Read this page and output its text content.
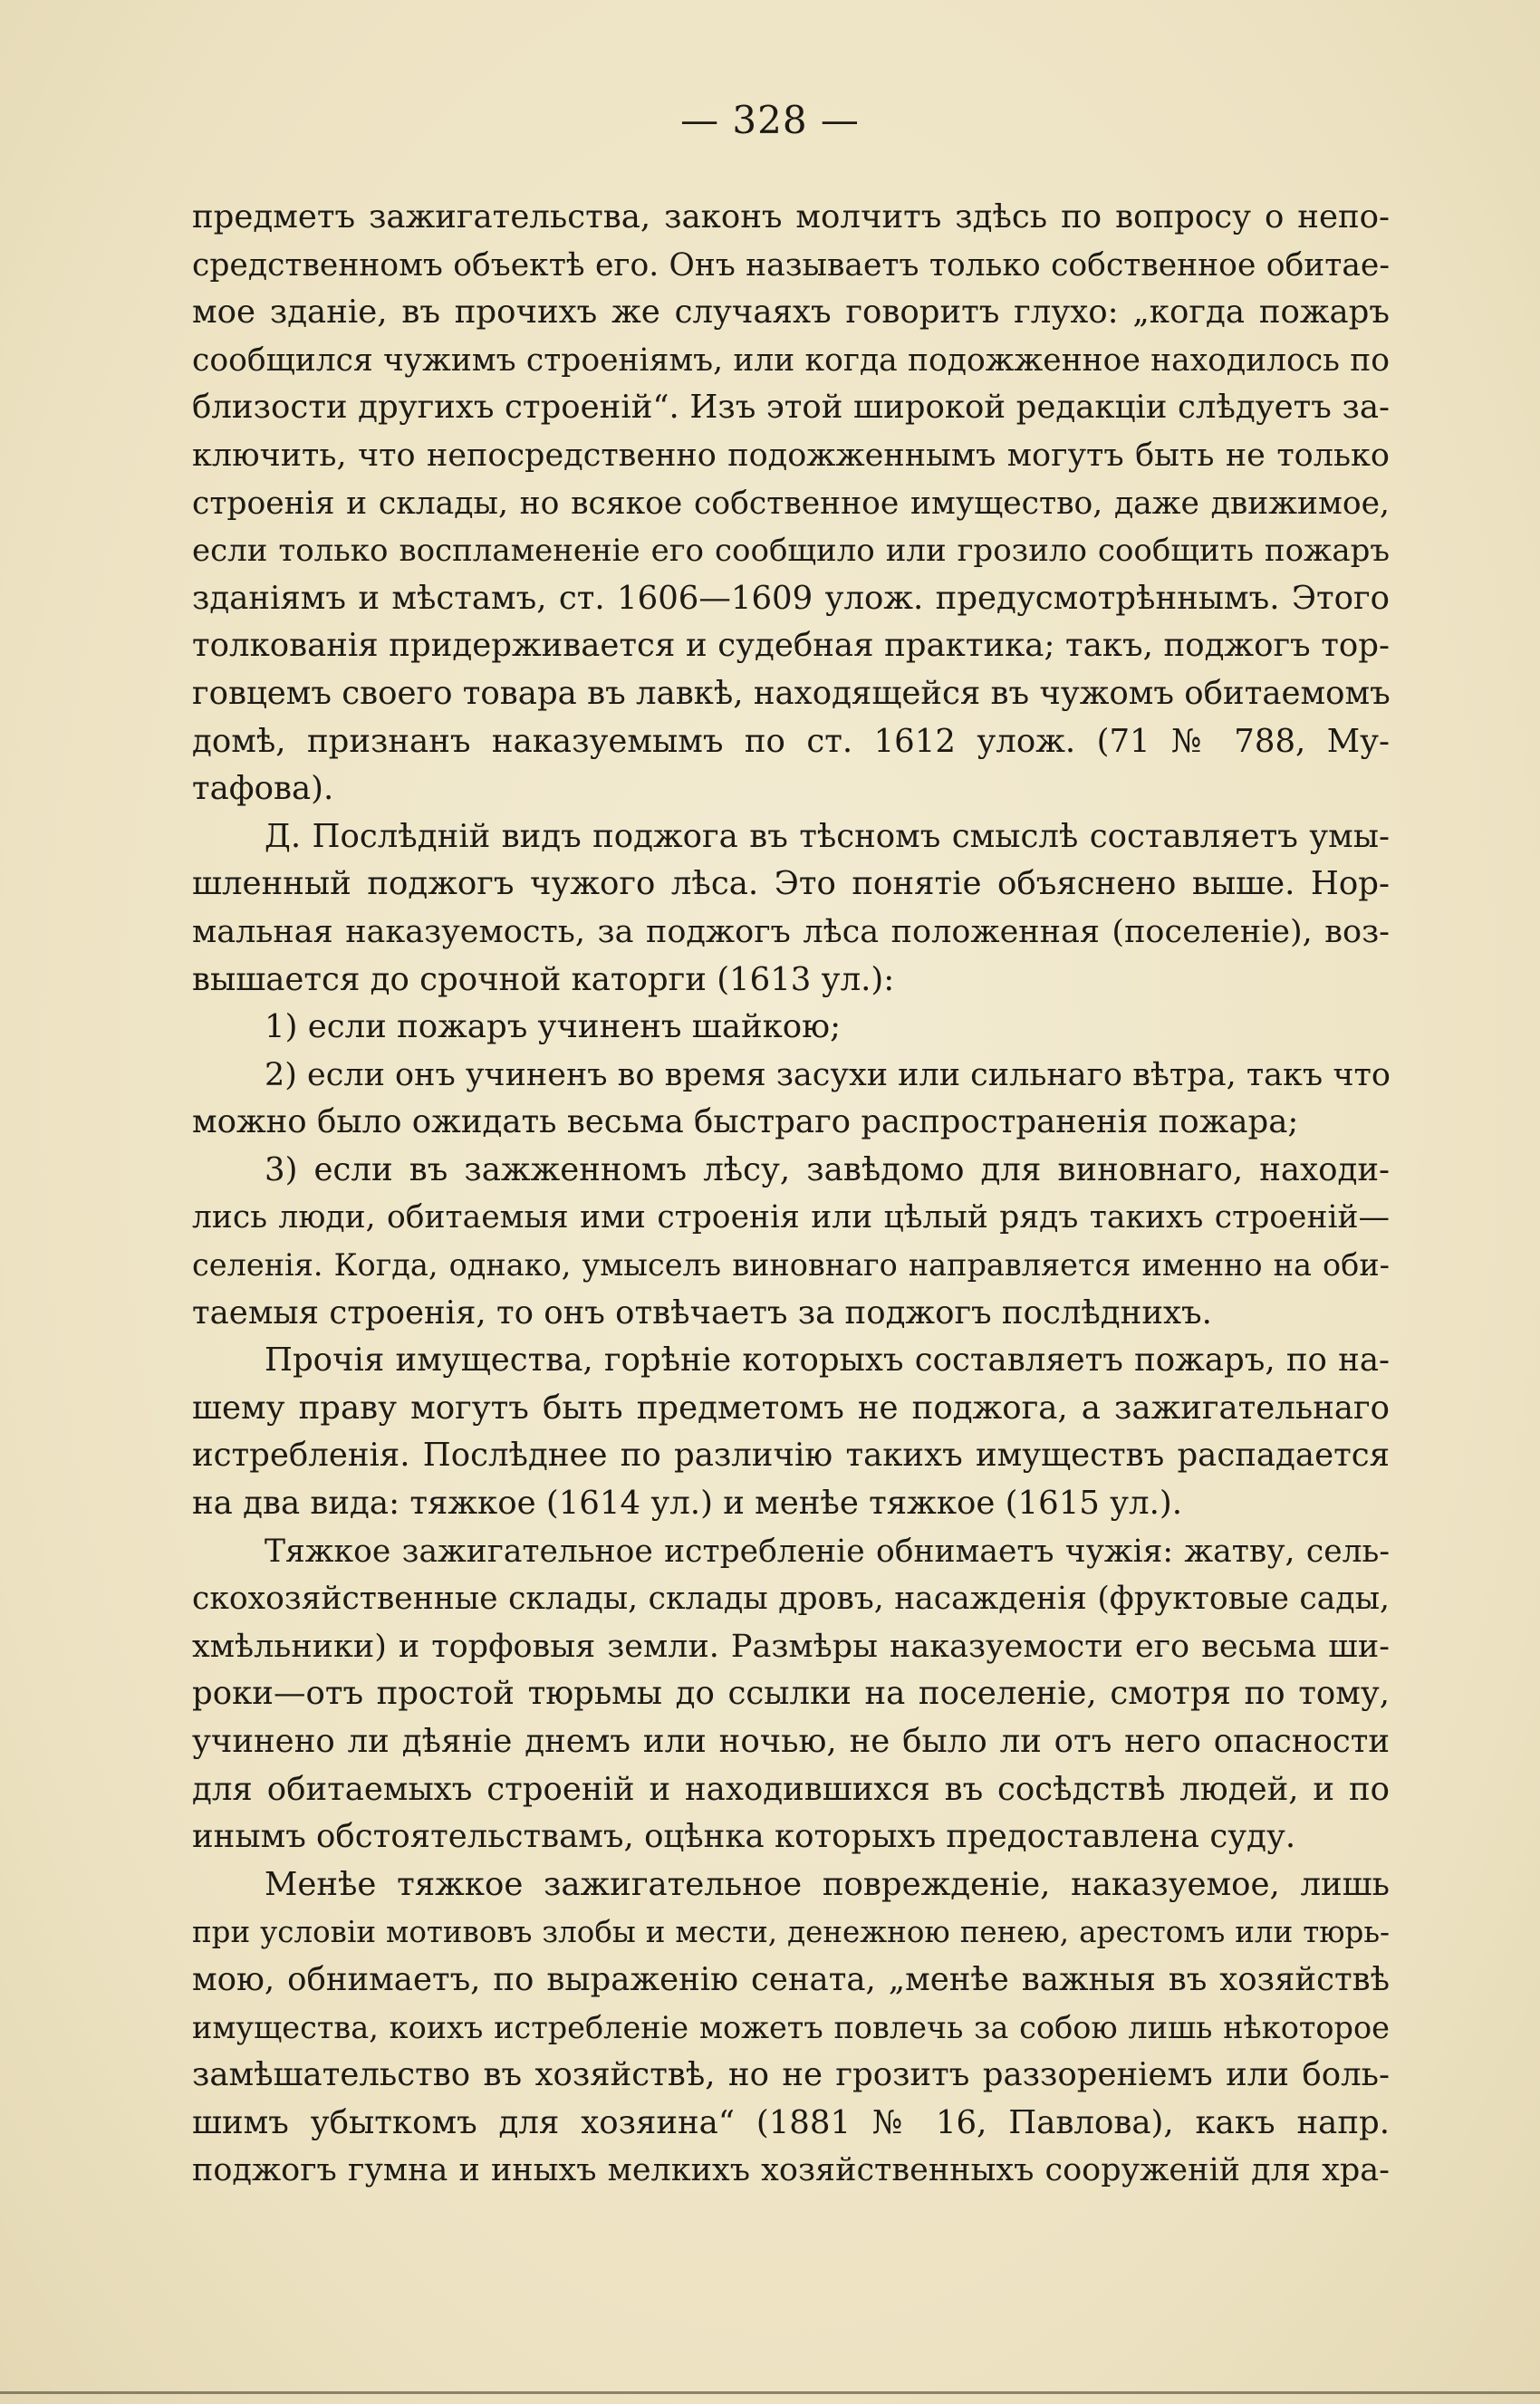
— 328 —
предметъ зажигательства, законъ молчитъ здѣсь по вопросу о непо-
средственномъ объектѣ его. Онъ называетъ только собственное обитае-
мое зданіе, въ прочихъ же случаяхъ говоритъ глухо: „когда пожаръ
сообщился чужимъ строеніямъ, или когда подожженное находилось по
близости другихъ строеній“. Изъ этой широкой редакціи слѣдуетъ за-
ключить, что непосредственно подожженнымъ могутъ быть не только
строенія и склады, но всякое собственное имущество, даже движимое,
если только воспламененіе его сообщило или грозило сообщить пожаръ
зданіямъ и мѣстамъ, ст. 1606—1609 улож. предусмотрѣннымъ. Этого
толкованія придерживается и судебная практика; такъ, поджогъ тор-
говцемъ своего товара въ лавкѣ, находящейся въ чужомъ обитаемомъ
домѣ, признанъ наказуемымъ по ст. 1612 улож. (71 № 788, Му-
тафова).
Д. Послѣдній видъ поджога въ тѣсномъ смыслѣ составляетъ умы-
шленный поджогъ чужого лѣса. Это понятіе объяснено выше. Нор-
мальная наказуемость, за поджогъ лѣса положенная (поселеніе), воз-
вышается до срочной каторги (1613 ул.):
1) если пожаръ учиненъ шайкою;
2) если онъ учиненъ во время засухи или сильнаго вѣтра, такъ что
можно было ожидать весьма быстраго распространенія пожара;
3) если въ зажженномъ лѣсу, завѣдомо для виновнаго, находи-
лись люди, обитаемыя ими строенія или цѣлый рядъ такихъ строеній—
селенія. Когда, однако, умыселъ виновнаго направляется именно на оби-
таемыя строенія, то онъ отвѣчаетъ за поджогъ послѣднихъ.
Прочія имущества, горѣніе которыхъ составляетъ пожаръ, по на-
шему праву могутъ быть предметомъ не поджога, а зажигательнаго
истребленія. Послѣднее по различію такихъ имуществъ распадается
на два вида: тяжкое (1614 ул.) и менѣе тяжкое (1615 ул.).
Тяжкое зажигательное истребленіе обнимаетъ чужія: жатву, сель-
скохозяйственные склады, склады дровъ, насажденія (фруктовые сады,
хмѣльники) и торфовыя земли. Размѣры наказуемости его весьма ши-
роки—отъ простой тюрьмы до ссылки на поселеніе, смотря по тому,
учинено ли дѣяніе днемъ или ночью, не было ли отъ него опасности
для обитаемыхъ строеній и находившихся въ сосѣдствѣ людей, и по
инымъ обстоятельствамъ, оцѣнка которыхъ предоставлена суду.
Менѣе тяжкое зажигательное поврежденіе, наказуемое, лишь
при условіи мотивовъ злобы и мести, денежною пенею, арестомъ или тюрь-
мою, обнимаетъ, по выраженію сената, „менѣе важныя въ хозяйствѣ
имущества, коихъ истребленіе можетъ повлечь за собою лишь нѣкоторое
замѣшательство въ хозяйствѣ, но не грозитъ раззореніемъ или боль-
шимъ убыткомъ для хозяина“ (1881 № 16, Павлова), какъ напр.
поджогъ гумна и иныхъ мелкихъ хозяйственныхъ сооруженій для хра-
